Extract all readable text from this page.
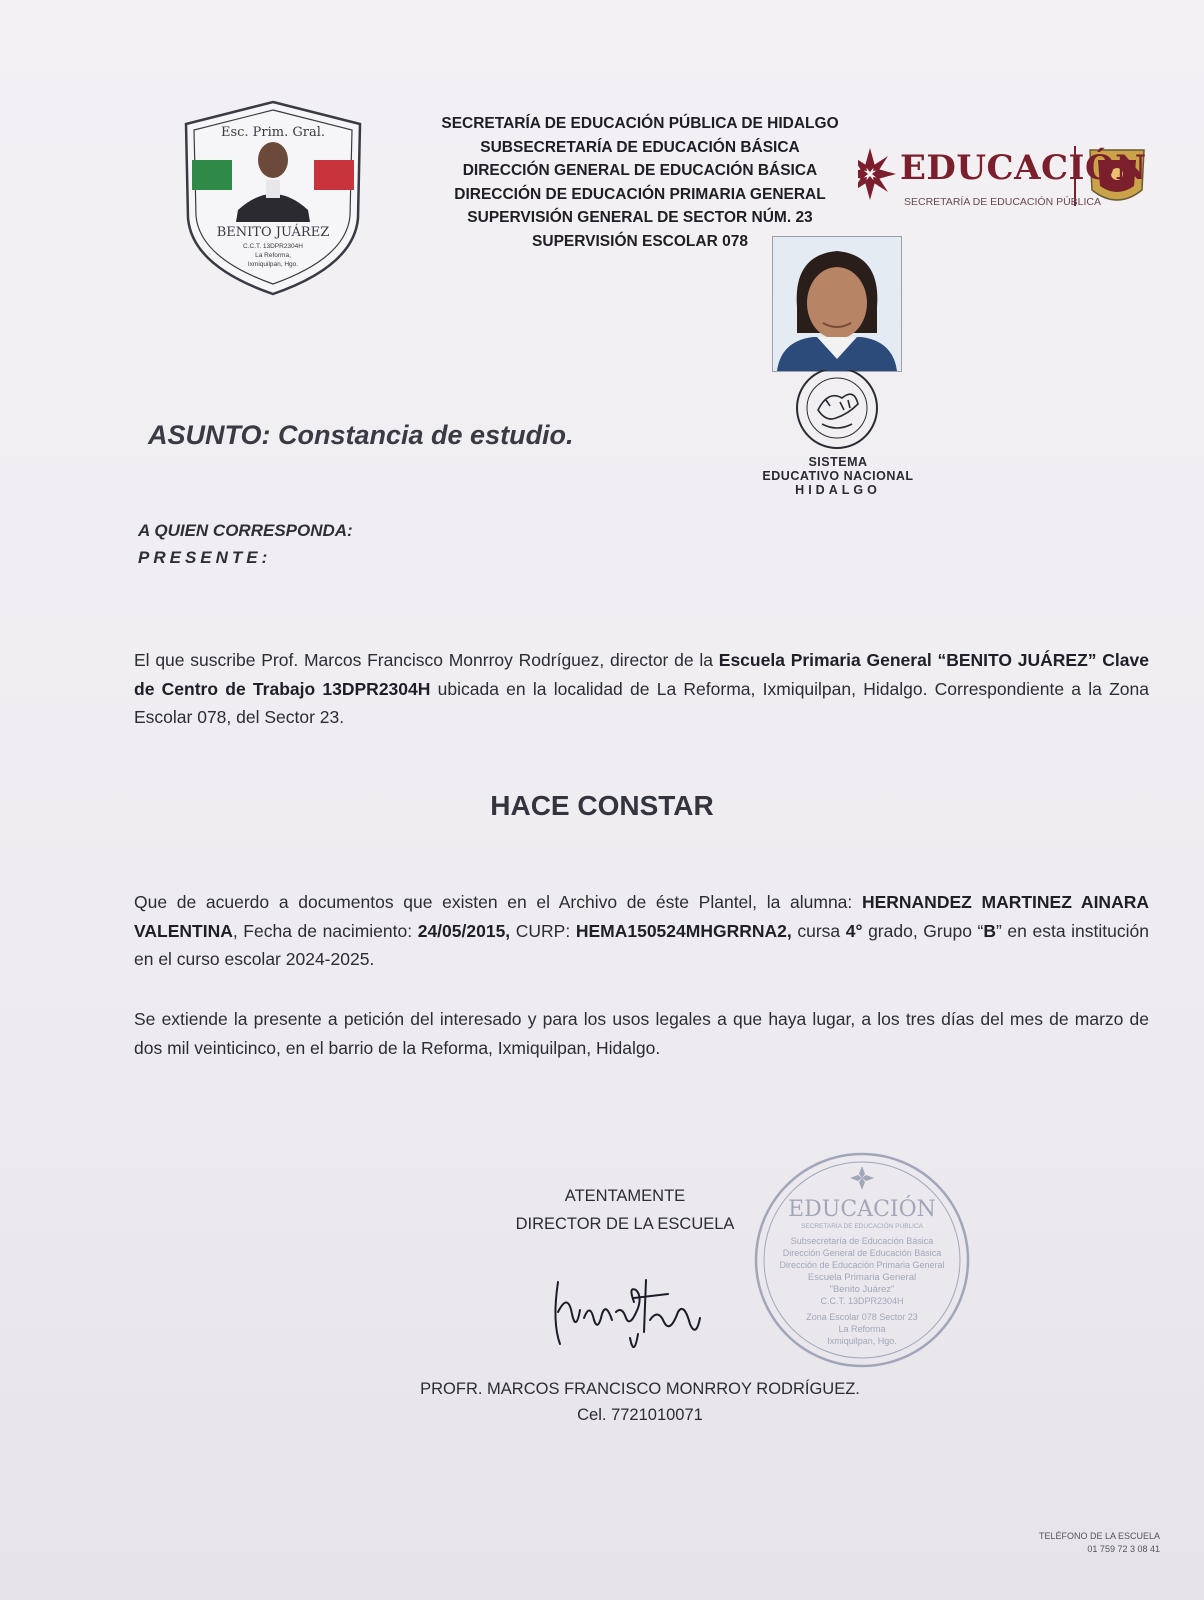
Esc. Prim. Gral.
BENITO JUÁREZ
C.C.T. 13DPR2304H
La Reforma,
Ixmiquilpan, Hgo.
SECRETARÍA DE EDUCACIÓN PÚBLICA DE HIDALGO
SUBSECRETARÍA DE EDUCACIÓN BÁSICA
DIRECCIÓN GENERAL DE EDUCACIÓN BÁSICA
DIRECCIÓN DE EDUCACIÓN PRIMARIA GENERAL
SUPERVISIÓN GENERAL DE SECTOR NÚM. 23
SUPERVISIÓN ESCOLAR 078
EDUCACIÓN
SECRETARÍA DE EDUCACIÓN PÚBLICA
SISTEMA
EDUCATIVO NACIONAL
HIDALGO
ASUNTO: Constancia de estudio.
A QUIEN CORRESPONDA:
PRESENTE:
El que suscribe Prof. Marcos Francisco Monrroy Rodríguez, director de la Escuela Primaria General “BENITO JUÁREZ” Clave de Centro de Trabajo 13DPR2304H ubicada en la localidad de La Reforma, Ixmiquilpan, Hidalgo. Correspondiente a la Zona Escolar 078, del Sector 23.
HACE CONSTAR
Que de acuerdo a documentos que existen en el Archivo de éste Plantel, la alumna: HERNANDEZ MARTINEZ AINARA VALENTINA, Fecha de nacimiento: 24/05/2015, CURP: HEMA150524MHGRRNA2, cursa 4° grado, Grupo “B” en esta institución en el curso escolar 2024-2025.
Se extiende la presente a petición del interesado y para los usos legales a que haya lugar, a los tres días del mes de marzo de dos mil veinticinco, en el barrio de la Reforma, Ixmiquilpan, Hidalgo.
ATENTAMENTE
DIRECTOR DE LA ESCUELA
EDUCACIÓN
SECRETARÍA DE EDUCACIÓN PÚBLICA
Subsecretaría de Educación Básica
Dirección General de Educación Básica
Dirección de Educación Primaria General
Escuela Primaria General
"Benito Juárez"
C.C.T. 13DPR2304H
Zona Escolar 078 Sector 23
La Reforma
Ixmiquilpan, Hgo.
PROFR. MARCOS FRANCISCO MONRROY RODRÍGUEZ.
Cel. 7721010071
TELÉFONO DE LA ESCUELA
01 759 72 3 08 41
